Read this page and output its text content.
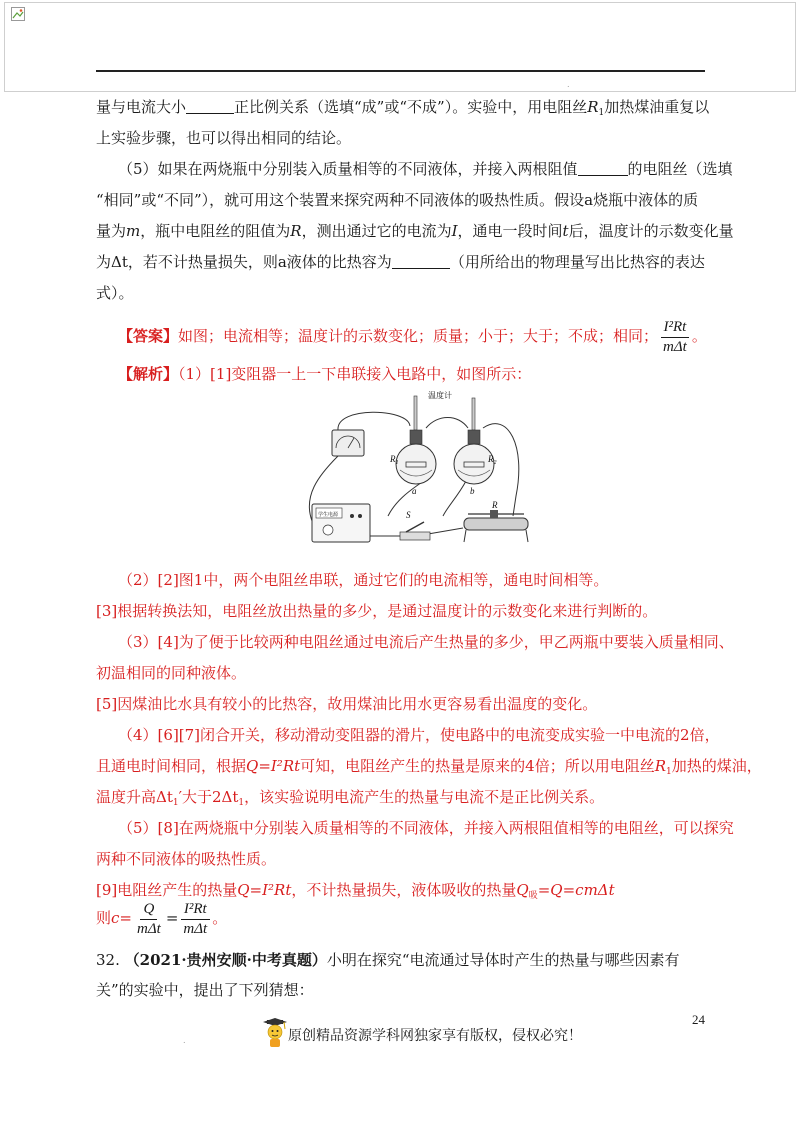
.
量与电流大小	正比例关系（选填“成”或“不成”）。实验中，用电阻丝$R_1$加热煤油重复以
上实验步骤，也可以得出相同的结论。
（5）如果在两烧瓶中分别装入质量相等的不同液体，并接入两根阻值	的电阻丝（选填
“相同”或“不同”），就可用这个装置来探究两种不同液体的吸热性质。假设a烧瓶中液体的质
量为m，瓶中电阻丝的阻值为R，测出通过它的电流为I，通电一段时间t后，温度计的示数变化量
为Δt，若不计热量损失，则a液体的比热容为	（用所给出的物理量写出比热容的表达
式）。
【答案】如图；电流相等；温度计的示数变化；质量；小于；大于；不成；相同； $\frac{\text{I²Rt}}{\text{mΔt}}$ 。
【解析】（1）[1]变阻器一上一下串联接入电路中，如图所示：
温度计
$R_1$	$R_2$
a	b
R
S
学生电源
（2）[2]图1中，两个电阻丝串联，通过它们的电流相等，通电时间相等。
[3]根据转换法知，电阻丝放出热量的多少，是通过温度计的示数变化来进行判断的。
（3）[4]为了便于比较两种电阻丝通过电流后产生热量的多少，甲乙两瓶中要装入质量相同、
初温相同的同种液体。
[5]因煤油比水具有较小的比热容，故用煤油比用水更容易看出温度的变化。
（4）[6][7]闭合开关，移动滑动变阻器的滑片，使电路中的电流变成实验一中电流的2倍，
且通电时间相同，根据Q=I²Rt可知，电阻丝产生的热量是原来的4倍；所以用电阻丝$R_1$加热的煤油，
温度升高$\Delta t_1'$大于$2\Delta t_1$，该实验说明电流产生的热量与电流不是正比例关系。
（5）[8]在两烧瓶中分别装入质量相等的不同液体，并接入两根阻值相等的电阻丝，可以探究
两种不同液体的吸热性质。
[9]电阻丝产生的热量Q=I²Rt，不计热量损失，液体吸收的热量$Q_吸=Q=cm\Delta t$
则$c= \frac{Q}{\text{mΔt}} = \frac{\text{I²Rt}}{\text{mΔt}}$ 。
32. （2021·贵州安顺·中考真题）小明在探究“电流通过导体时产生的热量与哪些因素有
关”的实验中，提出了下列猜想：
24
原创精品资源学科网独家享有版权，侵权必究！
.
